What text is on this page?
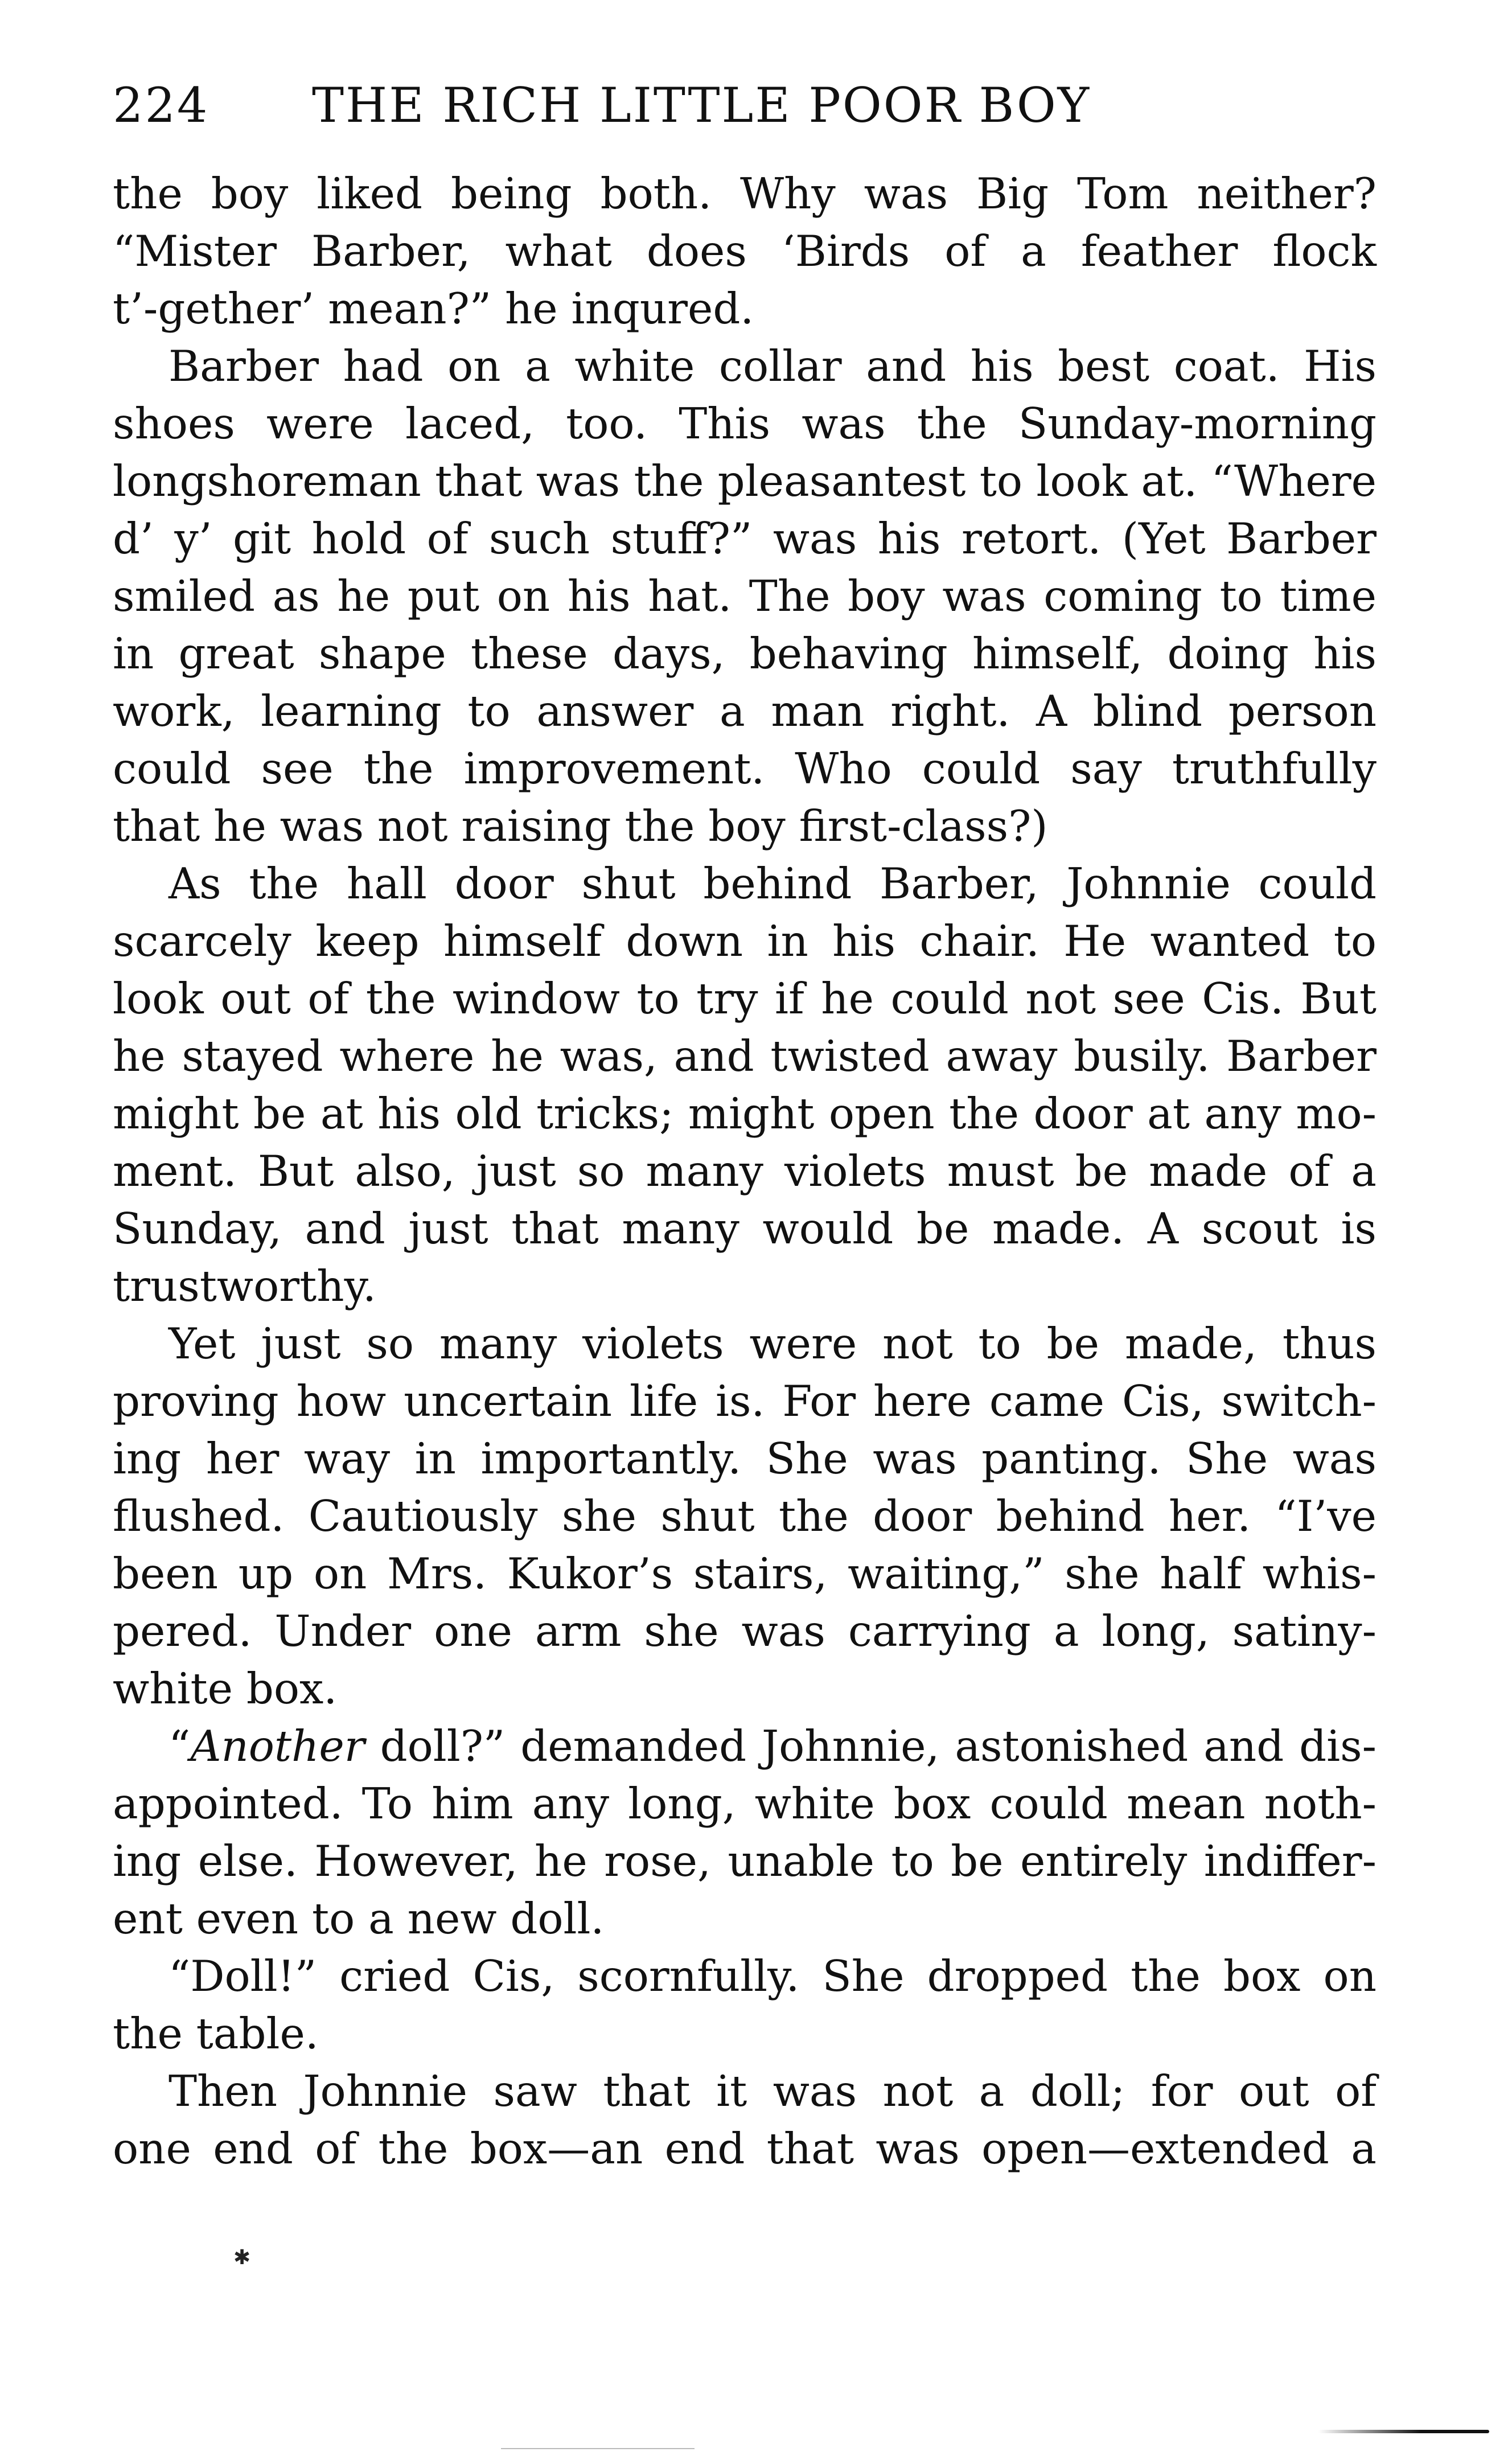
224 THE RICH LITTLE POOR BOY
the boy liked being both. Why was Big Tom neither?
“Mister Barber, what does ‘Birds of a feather flock
t’-gether’ mean?” he inqured.
Barber had on a white collar and his best coat. His
shoes were laced, too. This was the Sunday-morning
longshoreman that was the pleasantest to look at. “Where
d’ y’ git hold of such stuff?” was his retort. (Yet Barber
smiled as he put on his hat. The boy was coming to time
in great shape these days, behaving himself, doing his
work, learning to answer a man right. A blind person
could see the improvement. Who could say truthfully
that he was not raising the boy first-class?)
As the hall door shut behind Barber, Johnnie could
scarcely keep himself down in his chair. He wanted to
look out of the window to try if he could not see Cis. But
he stayed where he was, and twisted away busily. Barber
might be at his old tricks; might open the door at any mo-
ment. But also, just so many violets must be made of a
Sunday, and just that many would be made. A scout is
trustworthy.
Yet just so many violets were not to be made, thus
proving how uncertain life is. For here came Cis, switch-
ing her way in importantly. She was panting. She was
flushed. Cautiously she shut the door behind her. “I’ve
been up on Mrs. Kukor’s stairs, waiting,” she half whis-
pered. Under one arm she was carrying a long, satiny-
white box.
“Another doll?” demanded Johnnie, astonished and dis-
appointed. To him any long, white box could mean noth-
ing else. However, he rose, unable to be entirely indiffer-
ent even to a new doll.
“Doll!” cried Cis, scornfully. She dropped the box on
the table.
Then Johnnie saw that it was not a doll; for out of
one end of the box—an end that was open—extended a
✱
